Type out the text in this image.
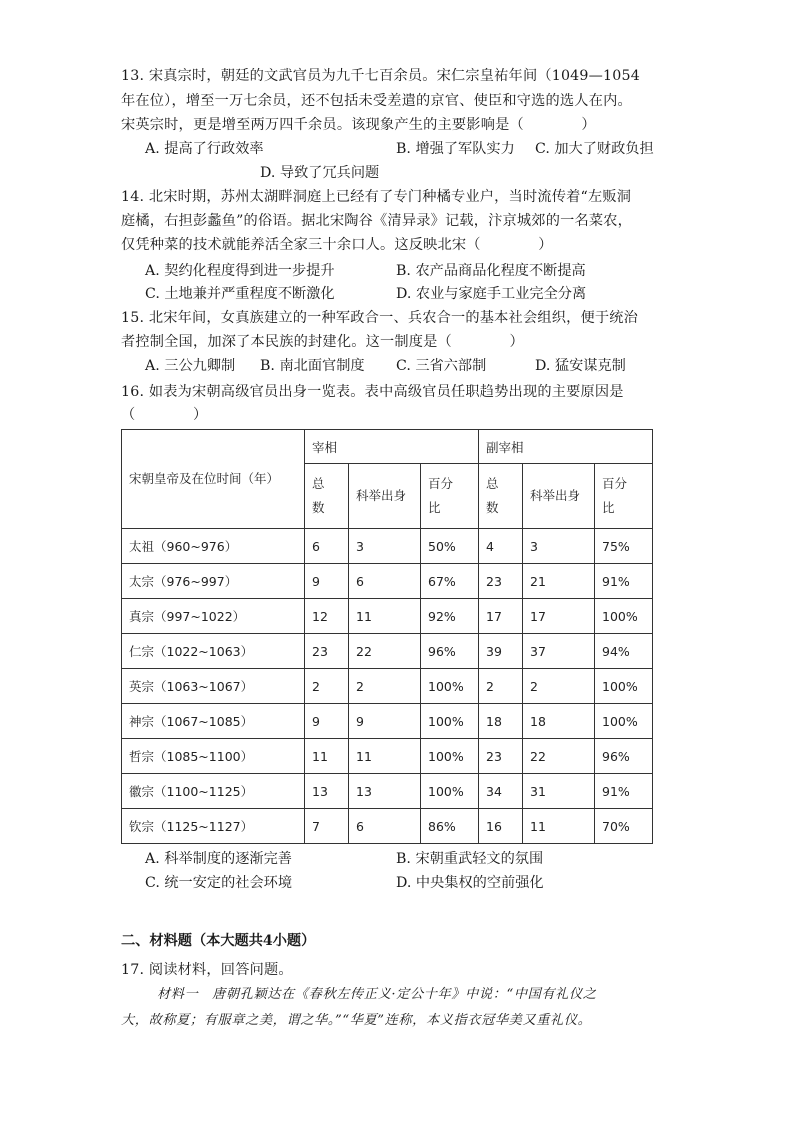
13. 宋真宗时，朝廷的文武官员为九千七百余员。宋仁宗皇祐年间（1049—1054
年在位），增至一万七余员，还不包括未受差遣的京官、使臣和守选的选人在内。
宋英宗时，更是增至两万四千余员。该现象产生的主要影响是（　　　　）
A. 提高了行政效率	B. 增强了军队实力 C. 加大了财政负担
D. 导致了冗兵问题
14. 北宋时期，苏州太湖畔洞庭上已经有了专门种橘专业户，当时流传着“左贩洞
庭橘，右担彭蠡鱼”的俗语。据北宋陶谷《清异录》记载，汴京城郊的一名菜农，
仅凭种菜的技术就能养活全家三十余口人。这反映北宋（　　　　）
A. 契约化程度得到进一步提升	B. 农产品商品化程度不断提高
C. 土地兼并严重程度不断激化	D. 农业与家庭手工业完全分离
15. 北宋年间，女真族建立的一种军政合一、兵农合一的基本社会组织，便于统治
者控制全国，加深了本民族的封建化。这一制度是（　　　　）
A. 三公九卿制 B. 南北面官制度 C. 三省六部制	D. 猛安谋克制
16. 如表为宋朝高级官员出身一览表。表中高级官员任职趋势出现的主要原因是
（　　　　）
宋朝皇帝及在位时间（年）	宰相			副宰相		

	总数	科举出身	百分比	总数	科举出身	百分比

太祖（960~976）	6	3	50%	4	3	75%
太宗（976~997）	9	6	67%	23	21	91%
真宗（997~1022）	12	11	92%	17	17	100%
仁宗（1022~1063）	23	22	96%	39	37	94%
英宗（1063~1067）	2	2	100%	2	2	100%
神宗（1067~1085）	9	9	100%	18	18	100%
哲宗（1085~1100）	11	11	100%	23	22	96%
徽宗（1100~1125）	13	13	100%	34	31	91%
钦宗（1125~1127）	7	6	86%	16	11	70%
A. 科举制度的逐渐完善	B. 宋朝重武轻文的氛围
C. 统一安定的社会环境	D. 中央集权的空前强化
二、材料题（本大题共4小题）
17. 阅读材料，回答问题。
材料一　唐朝孔颖达在《春秋左传正义·定公十年》中说：“中国有礼仪之
大，故称夏；有服章之美，谓之华。”“华夏”连称，本义指衣冠华美又重礼仪。
